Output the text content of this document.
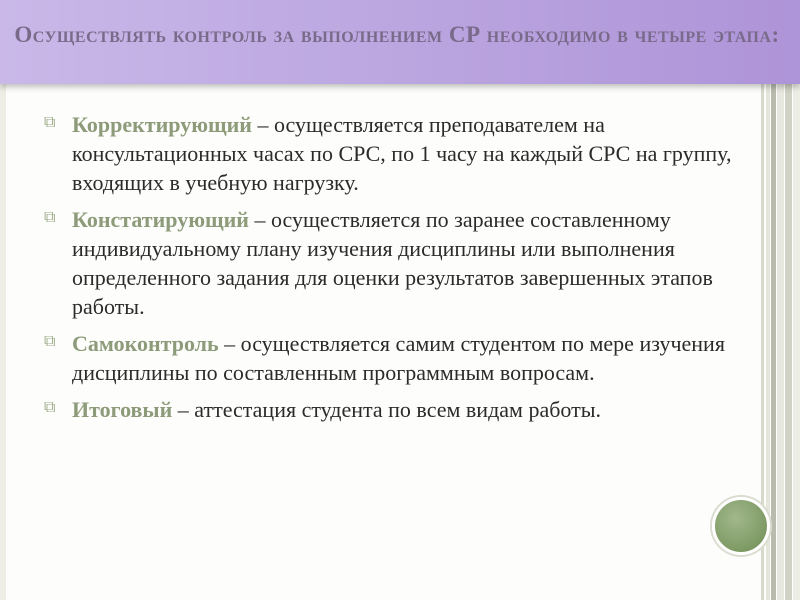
Осуществлять контроль за выполнением СР необходимо в четыре этапа:
⧉ Корректирующий – осуществляется преподавателем на консультационных часах по СРС, по 1 часу на каждый СРС на группу, входящих в учебную нагрузку.
⧉ Констатирующий – осуществляется по заранее составленному индивидуальному плану изучения дисциплины или выполнения определенного задания для оценки результатов завершенных этапов работы.
⧉ Самоконтроль – осуществляется самим студентом по мере изучения дисциплины по составленным программным вопросам.
⧉ Итоговый – аттестация студента по всем видам работы.
